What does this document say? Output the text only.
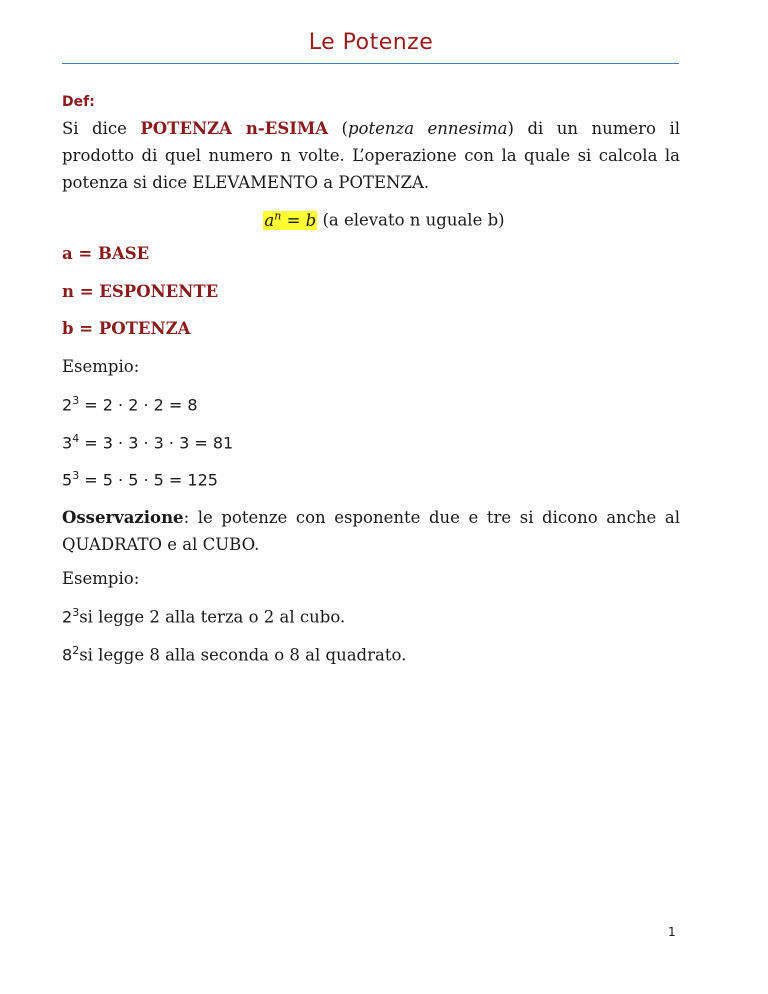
Le Potenze
Def:
Si dice POTENZA n-ESIMA (potenza ennesima) di un numero il prodotto di quel numero n volte. L’operazione con la quale si calcola la potenza si dice ELEVAMENTO a POTENZA.
$a^n = b$ (a elevato n uguale b)
a = BASE
n = ESPONENTE
b = POTENZA
Esempio:
$2^3 = 2 \cdot 2 \cdot 2 = 8$
$3^4 = 3 \cdot 3 \cdot 3 \cdot 3 = 81$
$5^3 = 5 \cdot 5 \cdot 5 = 125$
Osservazione: le potenze con esponente due e tre si dicono anche al QUADRATO e al CUBO.
Esempio:
$2^3si$ legge 2 alla terza o 2 al cubo.
$8^2si$ legge 8 alla seconda o 8 al quadrato.
1
